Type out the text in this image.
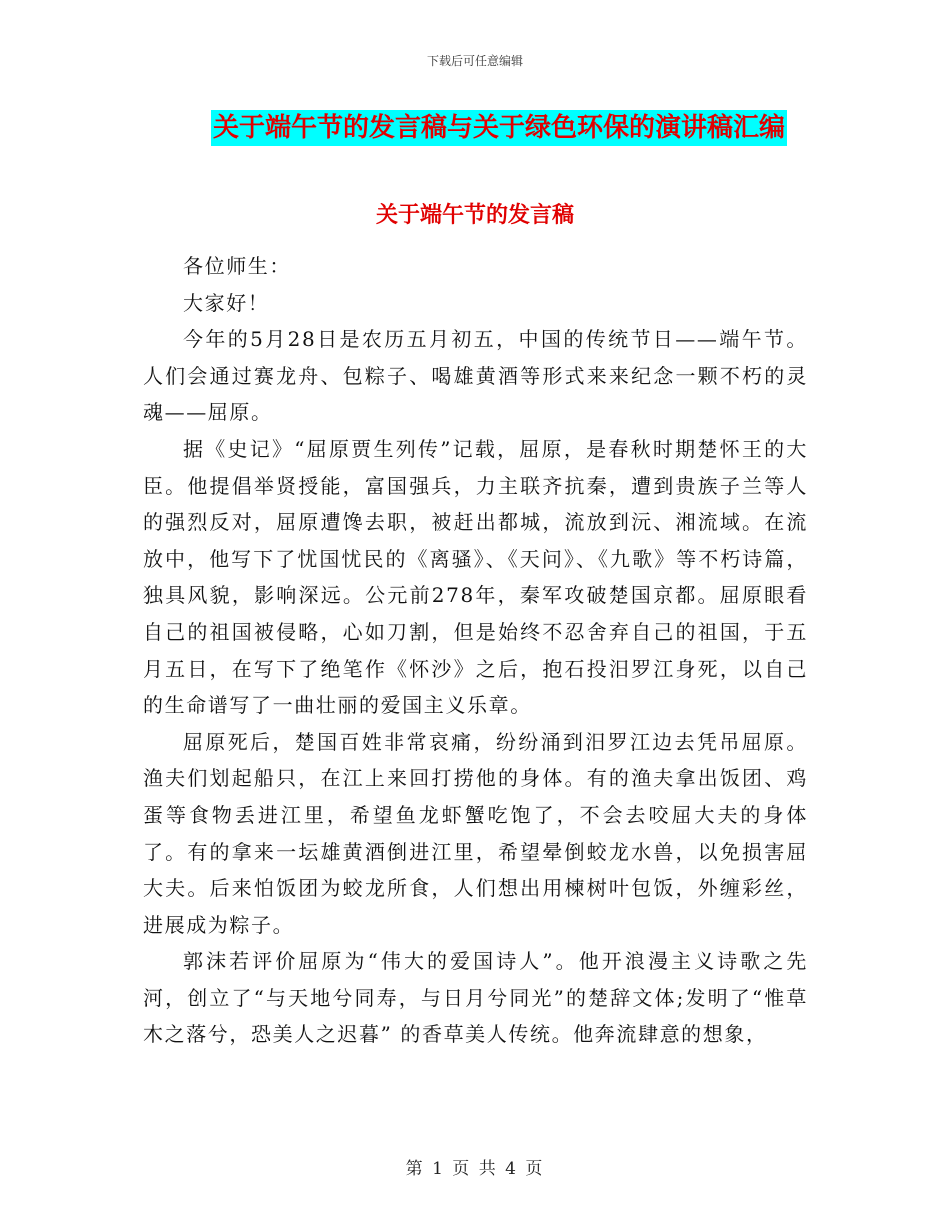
下载后可任意编辑
关于端午节的发言稿与关于绿色环保的演讲稿汇编
关于端午节的发言稿

各位师生：

大家好！

今年的5月28日是农历五月初五，中国的传统节日——端午节。人们会通过赛龙舟、包粽子、喝雄黄酒等形式来来纪念一颗不朽的灵魂——屈原。

据《史记》“屈原贾生列传”记载，屈原，是春秋时期楚怀王的大臣。他提倡举贤授能，富国强兵，力主联齐抗秦，遭到贵族子兰等人的强烈反对，屈原遭馋去职，被赶出都城，流放到沅、湘流域。在流放中，他写下了忧国忧民的《离骚》、《天问》、《九歌》等不朽诗篇，独具风貌，影响深远。公元前278年，秦军攻破楚国京都。屈原眼看自己的祖国被侵略，心如刀割，但是始终不忍舍弃自己的祖国，于五月五日，在写下了绝笔作《怀沙》之后，抱石投汨罗江身死，以自己的生命谱写了一曲壮丽的爱国主义乐章。

屈原死后，楚国百姓非常哀痛，纷纷涌到汨罗江边去凭吊屈原。渔夫们划起船只，在江上来回打捞他的身体。有的渔夫拿出饭团、鸡蛋等食物丢进江里，希望鱼龙虾蟹吃饱了，不会去咬屈大夫的身体了。有的拿来一坛雄黄酒倒进江里，希望晕倒蛟龙水兽，以免损害屈大夫。后来怕饭团为蛟龙所食，人们想出用楝树叶包饭，外缠彩丝，进展成为粽子。

郭沫若评价屈原为“伟大的爱国诗人”。他开浪漫主义诗歌之先河，创立了“与天地兮同寿，与日月兮同光”的楚辞文体;发明了“惟草木之落兮，恐美人之迟暮” 的香草美人传统。他奔流肆意的想象，

第 1 页 共 4 页
